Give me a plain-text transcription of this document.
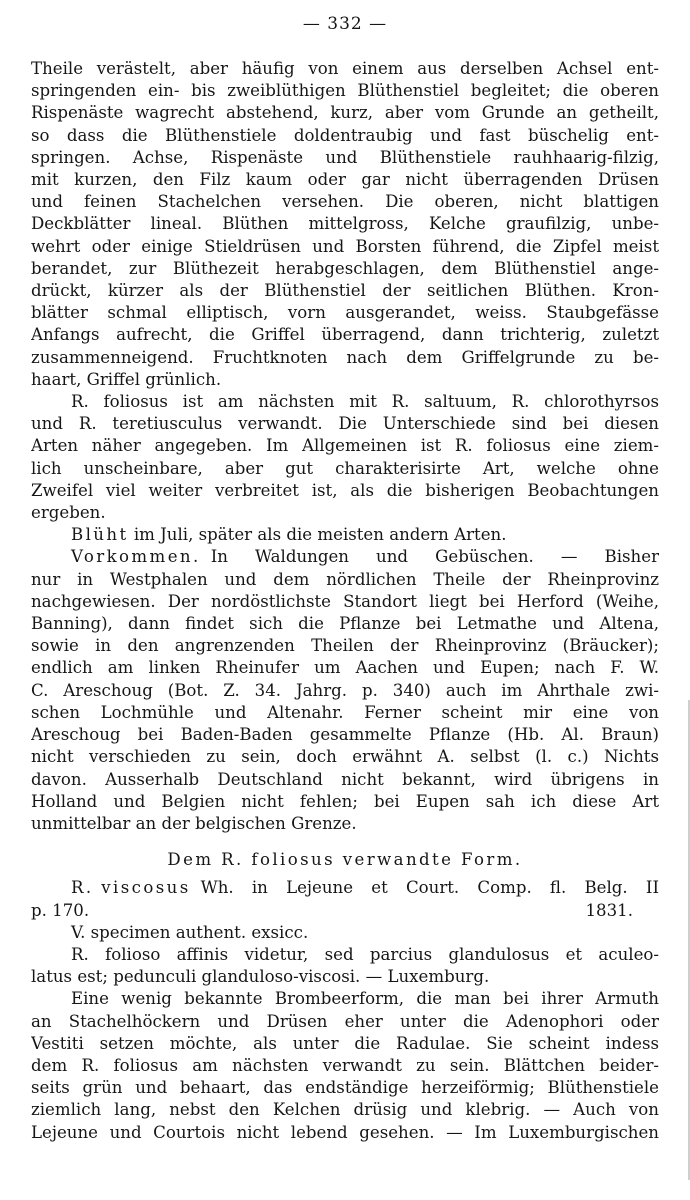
— 332 —
Theile verästelt, aber häufig von einem aus derselben Achsel ent-
springenden ein- bis zweiblüthigen Blüthenstiel begleitet; die oberen
Rispenäste wagrecht abstehend, kurz, aber vom Grunde an getheilt,
so dass die Blüthenstiele doldentraubig und fast büschelig ent-
springen. Achse, Rispenäste und Blüthenstiele rauhhaarig-filzig,
mit kurzen, den Filz kaum oder gar nicht überragenden Drüsen
und feinen Stachelchen versehen. Die oberen, nicht blattigen
Deckblätter lineal. Blüthen mittelgross, Kelche graufilzig, unbe-
wehrt oder einige Stieldrüsen und Borsten führend, die Zipfel meist
berandet, zur Blüthezeit herabgeschlagen, dem Blüthenstiel ange-
drückt, kürzer als der Blüthenstiel der seitlichen Blüthen. Kron-
blätter schmal elliptisch, vorn ausgerandet, weiss. Staubgefässe
Anfangs aufrecht, die Griffel überragend, dann trichterig, zuletzt
zusammenneigend. Fruchtknoten nach dem Griffelgrunde zu be-
haart, Griffel grünlich.
R. foliosus ist am nächsten mit R. saltuum, R. chlorothyrsos
und R. teretiusculus verwandt. Die Unterschiede sind bei diesen
Arten näher angegeben. Im Allgemeinen ist R. foliosus eine ziem-
lich unscheinbare, aber gut charakterisirte Art, welche ohne
Zweifel viel weiter verbreitet ist, als die bisherigen Beobachtungen
ergeben.
Blüht im Juli, später als die meisten andern Arten.
Vorkommen. In Waldungen und Gebüschen. — Bisher
nur in Westphalen und dem nördlichen Theile der Rheinprovinz
nachgewiesen. Der nordöstlichste Standort liegt bei Herford (Weihe,
Banning), dann findet sich die Pflanze bei Letmathe und Altena,
sowie in den angrenzenden Theilen der Rheinprovinz (Bräucker);
endlich am linken Rheinufer um Aachen und Eupen; nach F. W.
C. Areschoug (Bot. Z. 34. Jahrg. p. 340) auch im Ahrthale zwi-
schen Lochmühle und Altenahr. Ferner scheint mir eine von
Areschoug bei Baden-Baden gesammelte Pflanze (Hb. Al. Braun)
nicht verschieden zu sein, doch erwähnt A. selbst (l. c.) Nichts
davon. Ausserhalb Deutschland nicht bekannt, wird übrigens in
Holland und Belgien nicht fehlen; bei Eupen sah ich diese Art
unmittelbar an der belgischen Grenze.
Dem R. foliosus verwandte Form.
R. viscosus Wh. in Lejeune et Court. Comp. fl. Belg. II
p. 170.	1831.
V. specimen authent. exsicc.
R. folioso affinis videtur, sed parcius glandulosus et aculeo-
latus est; pedunculi glanduloso-viscosi. — Luxemburg.
Eine wenig bekannte Brombeerform, die man bei ihrer Armuth
an Stachelhöckern und Drüsen eher unter die Adenophori oder
Vestiti setzen möchte, als unter die Radulae. Sie scheint indess
dem R. foliosus am nächsten verwandt zu sein. Blättchen beider-
seits grün und behaart, das endständige herzeiförmig; Blüthenstiele
ziemlich lang, nebst den Kelchen drüsig und klebrig. — Auch von
Lejeune und Courtois nicht lebend gesehen. — Im Luxemburgischen
